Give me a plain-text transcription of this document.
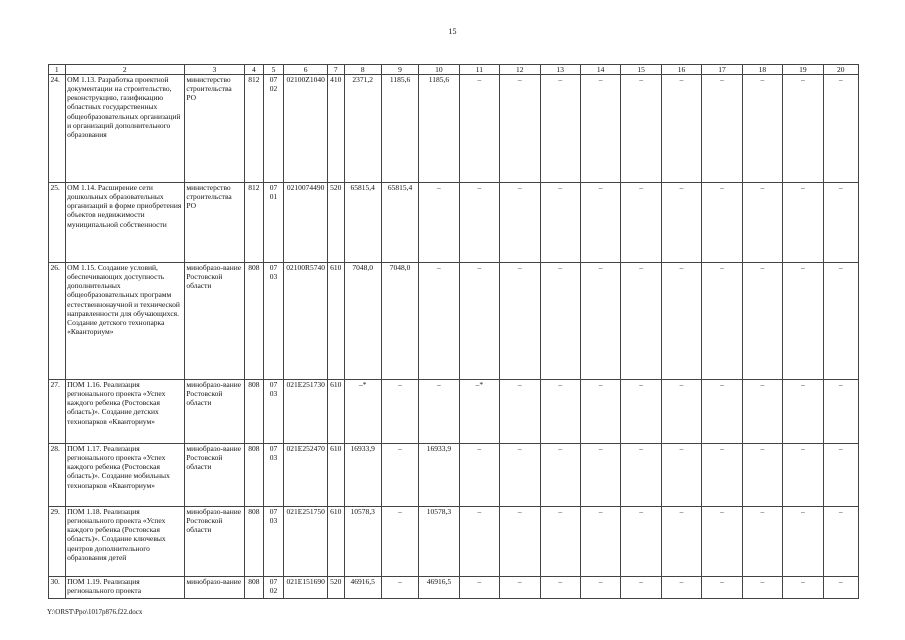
15
1	2	3	4	5	6	7	8	9	10	11	12	13	14	15	16	17	18	19	20
24.	ОМ 1.13. Разработка проектной документации на строительство, реконструкцию, газификацию областных государственных общеобразовательных организаций и организаций дополнительного образования	министерство строительства РО	812	07 02	02100Z1040	410	2371,2	1185,6	1185,6	–	–	–	–	–	–	–	–	–	–
25.	ОМ 1.14. Расширение сети дошкольных образовательных организаций в форме приобретения объектов недвижимости муниципальной собственности	министерство строительства РО	812	07 01	0210074490	520	65815,4	65815,4	–	–	–	–	–	–	–	–	–	–	–
26.	ОМ 1.15. Создание условий, обеспечивающих доступность дополнительных общеобразовательных программ естественнонаучной и технической направленности для обучающихся. Создание детского технопарка «Кванториум»	минобразо-вание Ростовской области	808	07 03	02100R5740	610	7048,0	7048,0	–	–	–	–	–	–	–	–	–	–	–
27.	ПОМ 1.16. Реализация регионального проекта «Успех каждого ребенка (Ростовская область)». Создание детских технопарков «Кванториум»	минобразо-вание Ростовской области	808	07 03	021E251730	610	–*	–	–	–*	–	–	–	–	–	–	–	–	–
28.	ПОМ 1.17. Реализация регионального проекта «Успех каждого ребенка (Ростовская область)». Создание мобильных технопарков «Кванториум»	минобразо-вание Ростовской области	808	07 03	021E252470	610	16933,9	–	16933,9	–	–	–	–	–	–	–	–	–	–
29.	ПОМ 1.18. Реализация регионального проекта «Успех каждого ребенка (Ростовская область)». Создание ключевых центров дополнительного образования детей	минобразо-вание Ростовской области	808	07 03	021E251750	610	10578,3	–	10578,3	–	–	–	–	–	–	–	–	–	–
30.	ПОМ 1.19. Реализация регионального проекта	минобразо-вание	808	07 02	021E151690	520	46916,5	–	46916,5	–	–	–	–	–	–	–	–	–	–
Y:\ORST\Ppo\1017p876.f22.docx
